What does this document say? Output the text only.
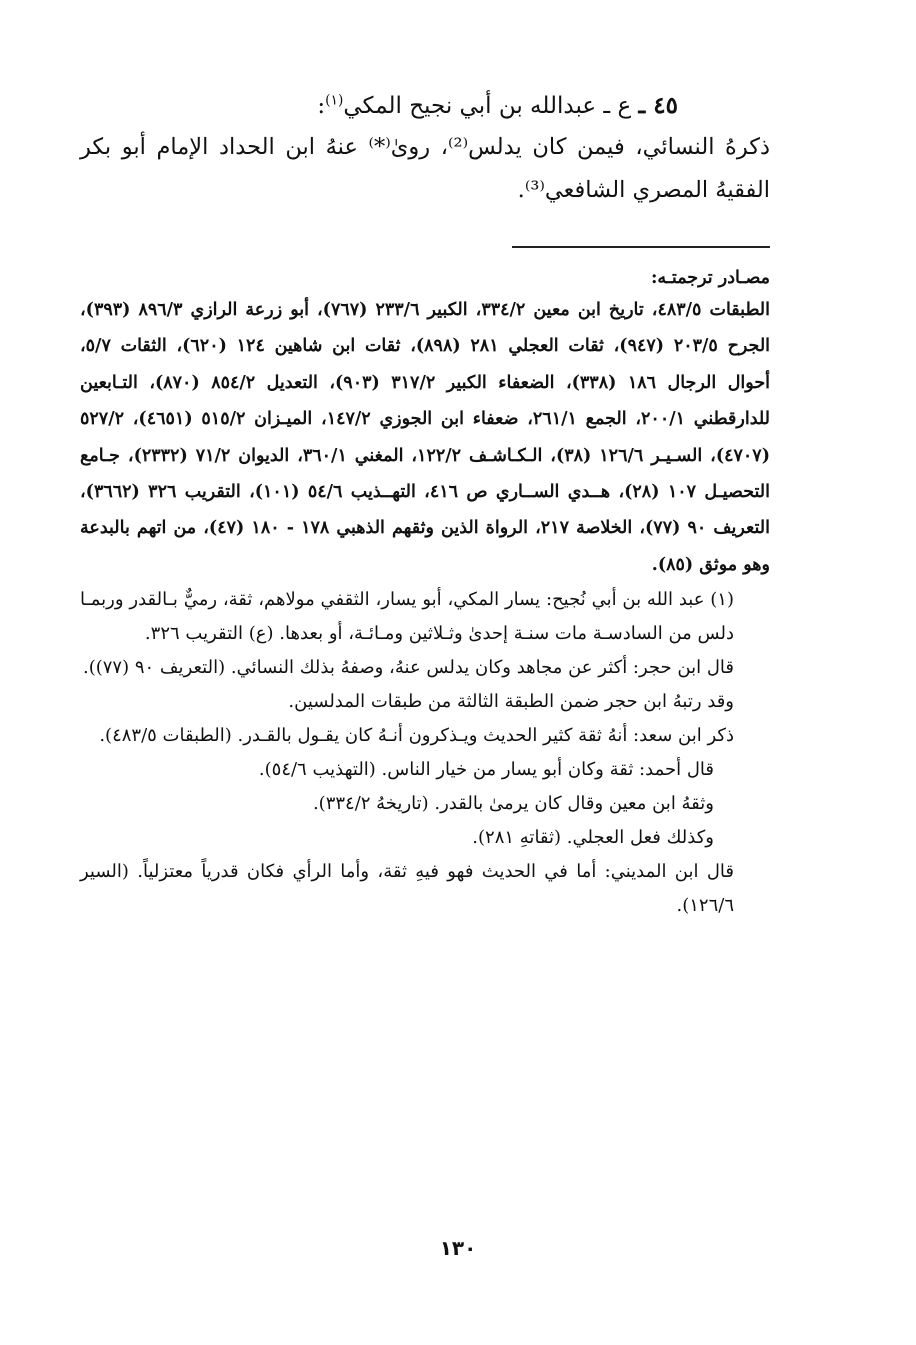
٤٥ ـ ع ـ عبدالله بن أبي نجيح المكي$^{(١)}$:

ذكرهُ النسائي، فيمن كان يدلس⁽²⁾، روىٰ⁽*⁾ عنهُ ابن الحداد الإمام أبو بكر الفقيهُ المصري الشافعي⁽³⁾.

مصـادر ترجمتـه:

الطبقات ٤٨٣/٥، تاريخ ابن معين ٣٣٤/٢، الكبير ٢٣٣/٦ (٧٦٧)، أبو زرعة الرازي ٨٩٦/٣ (٣٩٣)، الجرح ٢٠٣/٥ (٩٤٧)، ثقات العجلي ٢٨١ (٨٩٨)، ثقات ابن شاهين ١٢٤ (٦٢٠)، الثقات ٥/٧، أحوال الرجال ١٨٦ (٣٣٨)، الضعفاء الكبير ٣١٧/٢ (٩٠٣)، التعديل ٨٥٤/٢ (٨٧٠)، التـابعين للدارقطني ٢٠٠/١، الجمع ٢٦١/١، ضعفاء ابن الجوزي ١٤٧/٢، الميـزان ٥١٥/٢ (٤٦٥١)، ٥٢٧/٢ (٤٧٠٧)، السـيـر ١٢٦/٦ (٣٨)، الـكـاشـف ١٢٢/٢، المغني ٣٦٠/١، الديوان ٧١/٢ (٢٣٣٢)، جـامع التحصيـل ١٠٧ (٢٨)، هــدي الســاري ص ٤١٦، التهــذيب ٥٤/٦ (١٠١)، التقريب ٣٢٦ (٣٦٦٢)، التعريف ٩٠ (٧٧)، الخلاصة ٢١٧، الرواة الذين وثقهم الذهبي ١٧٨ - ١٨٠ (٤٧)، من اتهم بالبدعة وهو موثق (٨٥).

(١) عبد الله بن أبي نُجيح: يسار المكي، أبو يسار، الثقفي مولاهم، ثقة، رميٌّ بـالقدر وربمـا دلس من السادسـة مات سنـة إحدىٰ وثـلاثين ومـائـة، أو بعدها. (ع) التقريب ٣٢٦.

قال ابن حجر: أكثر عن مجاهد وكان يدلس عنهُ، وصفهُ بذلك النسائي. (التعريف ٩٠ (٧٧)).

وقد رتبهُ ابن حجر ضمن الطبقة الثالثة من طبقات المدلسين.

ذكر ابن سعد: أنهُ ثقة كثير الحديث ويـذكرون أنـهُ كان يقـول بالقـدر. (الطبقات ٤٨٣/٥).

قال أحمد: ثقة وكان أبو يسار من خيار الناس. (التهذيب ٥٤/٦).

وثقهُ ابن معين وقال كان يرمىٰ بالقدر. (تاريخهُ ٣٣٤/٢).

وكذلك فعل العجلي. (ثقاتهِ ٢٨١).

قال ابن المديني: أما في الحديث فهو فيهِ ثقة، وأما الرأي فكان قدرياً معتزلياً. (السير ١٢٦/٦).

١٣٠
